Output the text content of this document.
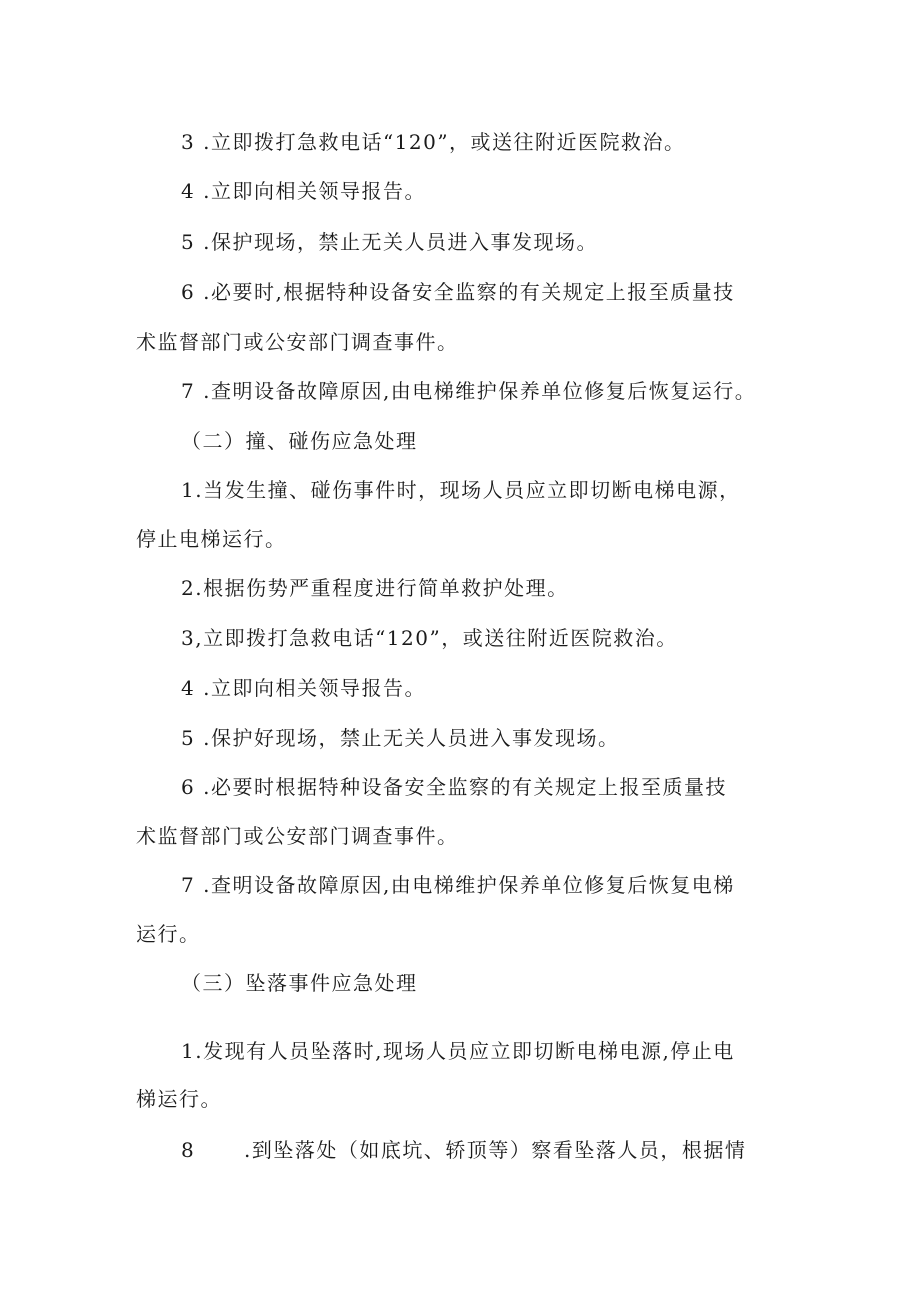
3 .立即拨打急救电话“120”，或送往附近医院救治。
4 .立即向相关领导报告。
5 .保护现场，禁止无关人员进入事发现场。
6 .必要时,根据特种设备安全监察的有关规定上报至质量技
术监督部门或公安部门调查事件。
7 .查明设备故障原因,由电梯维护保养单位修复后恢复运行。
（二）撞、碰伤应急处理
1.当发生撞、碰伤事件时，现场人员应立即切断电梯电源，
停止电梯运行。
2.根据伤势严重程度进行简单救护处理。
3,立即拨打急救电话“120”，或送往附近医院救治。
4 .立即向相关领导报告。
5 .保护好现场，禁止无关人员进入事发现场。
6 .必要时根据特种设备安全监察的有关规定上报至质量技
术监督部门或公安部门调查事件。
7 .查明设备故障原因,由电梯维护保养单位修复后恢复电梯
运行。
（三）坠落事件应急处理
1.发现有人员坠落时,现场人员应立即切断电梯电源,停止电
梯运行。
8 .到坠落处（如底坑、轿顶等）察看坠落人员，根据情
